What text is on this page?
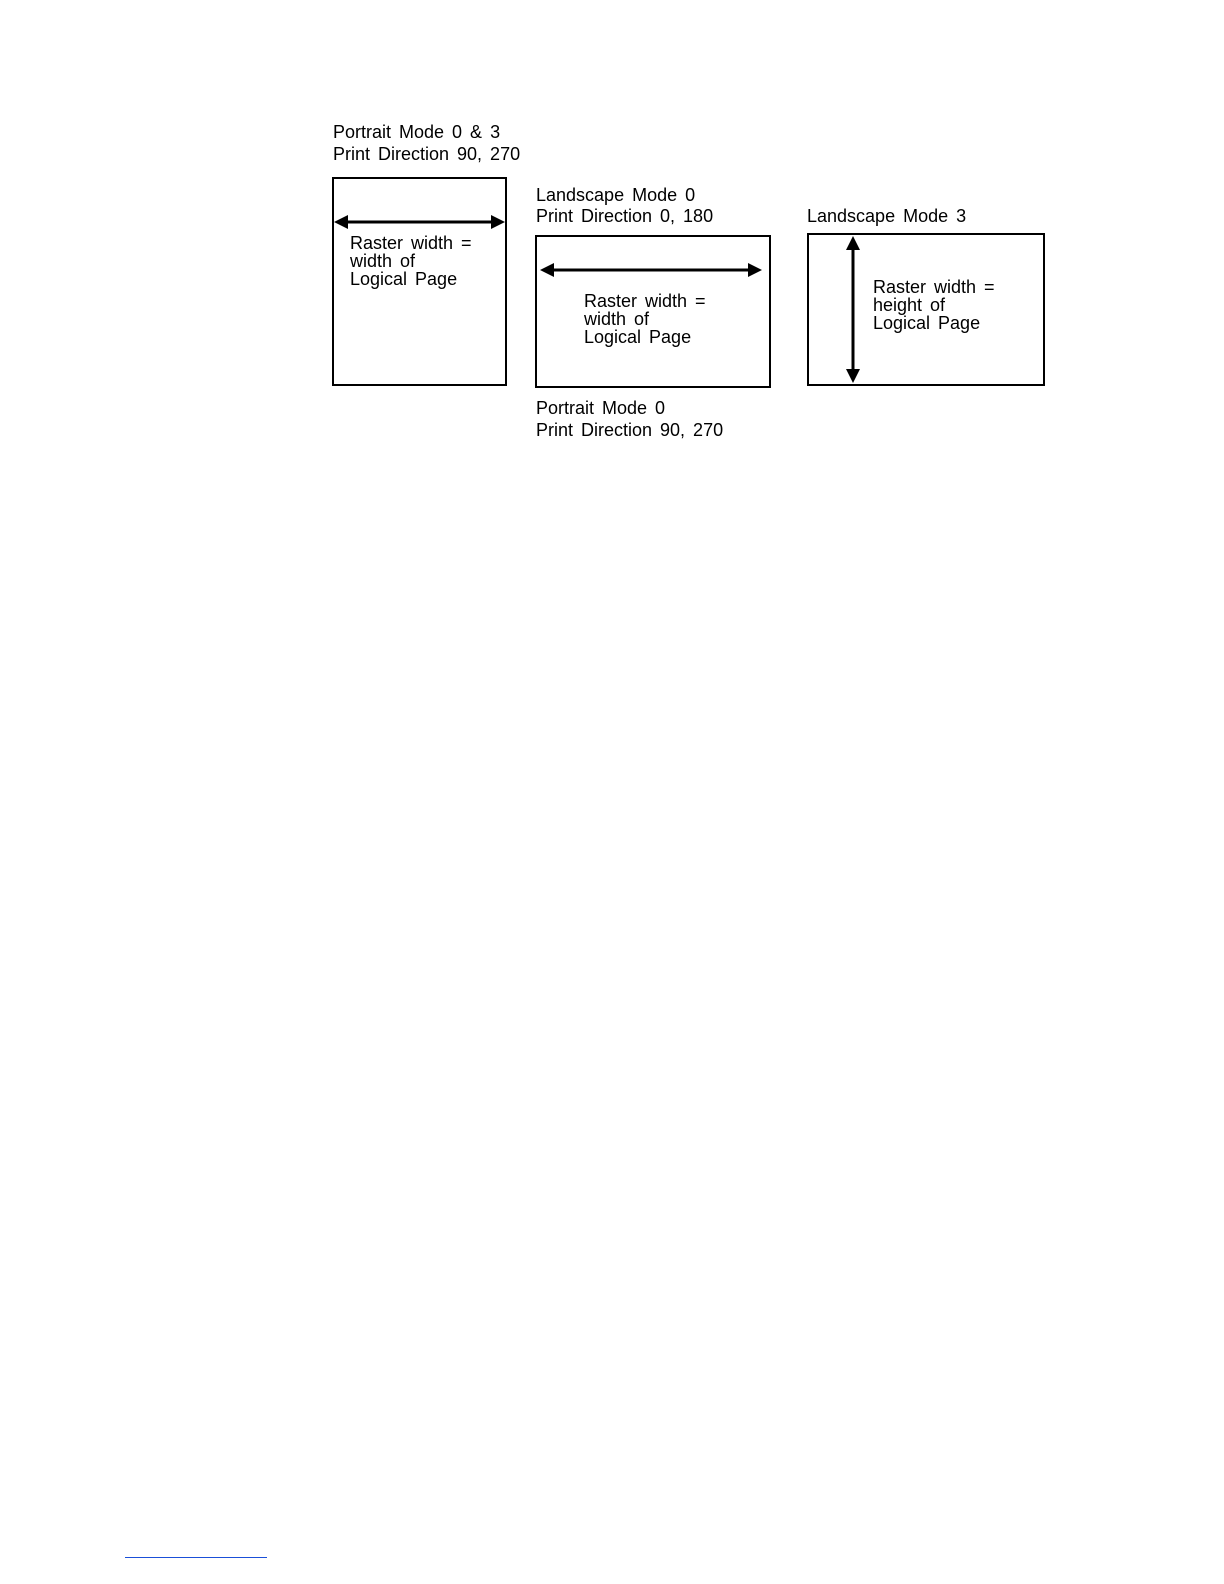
Portrait Mode 0 & 3
Print Direction 90, 270
Raster width =
width of
Logical Page
Landscape Mode 0
Print Direction 0, 180
Raster width =
width of
Logical Page
Portrait Mode 0
Print Direction 90, 270
Landscape Mode 3
Raster width =
height of
Logical Page
